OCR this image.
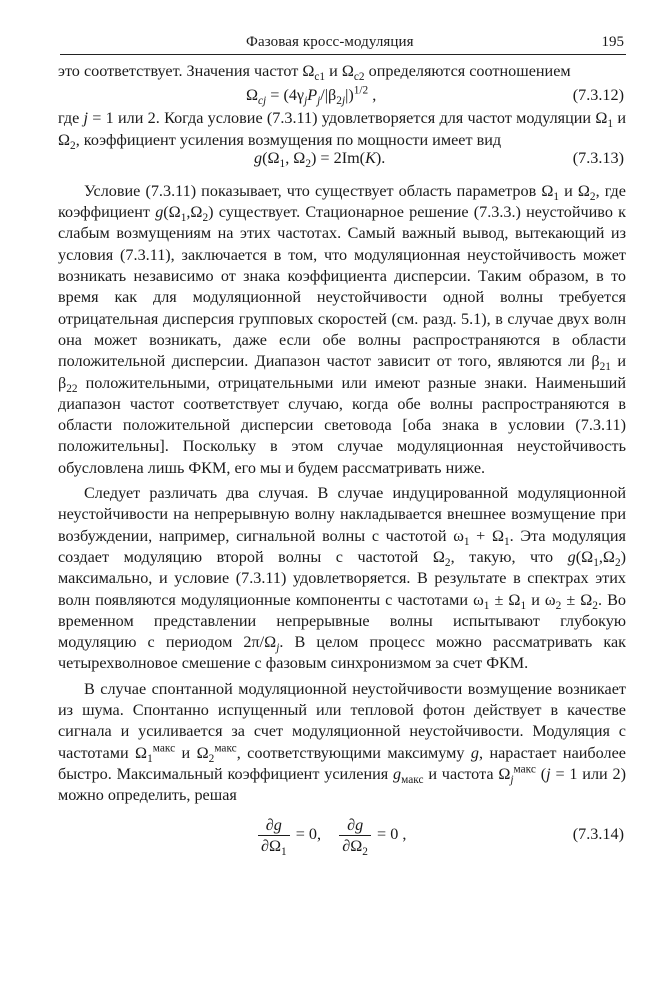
Фазовая кросс-модуляция	195

это соответствует. Значения частот $\Omega_{c1}$ и $\Omega_{c2}$ определяются соотношением

$\Omega_{cj} = (4\gamma_jP_j/|\beta_{2j}|)^{1/2}$ ,	(7.3.12)

где j = 1 или 2. Когда условие (7.3.11) удовлетворяется для частот модуляции $\Omega_1$ и $\Omega_2$, коэффициент усиления возмущения по мощности имеет вид

$g(\Omega_1$, $\Omega_2) = 2Im(K)$.	(7.3.13)

Условие (7.3.11) показывает, что существует область параметров $\Omega_1$ и $\Omega_2$, где коэффициент $g(\Omega_1,\Omega_2)$ существует. Стационарное решение (7.3.3.) неустойчиво к слабым возмущениям на этих частотах. Самый важный вывод, вытекающий из условия (7.3.11), заключается в том, что модуляционная неустойчивость может возникать независимо от знака коэффициента дисперсии. Таким образом, в то время как для модуляционной неустойчивости одной волны требуется отрицательная дисперсия групповых скоростей (см. разд. 5.1), в случае двух волн она может возникать, даже если обе волны распространяются в области положительной дисперсии. Диапазон частот зависит от того, являются ли $\beta_{21}$ и $\beta_{22}$ положительными, отрицательными или имеют разные знаки. Наименьший диапазон частот соответствует случаю, когда обе волны распространяются в области положительной дисперсии световода [оба знака в условии (7.3.11) положительны]. Поскольку в этом случае модуляционная неустойчивость обусловлена лишь ФКМ, его мы и будем рассматривать ниже.

Следует различать два случая. В случае индуцированной модуляционной неустойчивости на непрерывную волну накладывается внешнее возмущение при возбуждении, например, сигнальной волны с частотой $\omega_1 + \Omega_1$. Эта модуляция создает модуляцию второй волны с частотой $\Omega_2$, такую, что $g(\Omega_1,\Omega_2)$ максимально, и условие (7.3.11) удовлетворяется. В результате в спектрах этих волн появляются модуляционные компоненты с частотами $\omega_1 \pm \Omega_1$ и $\omega_2 \pm \Omega_2$. Во временном представлении непрерывные волны испытывают глубокую модуляцию с периодом $2\pi/\Omega_j$. В целом процесс можно рассматривать как четырехволновое смешение с фазовым синхронизмом за счет ФКМ.

В случае спонтанной модуляционной неустойчивости возмущение возникает из шума. Спонтанно испущенный или тепловой фотон действует в качестве сигнала и усиливается за счет модуляционной неустойчивости. Модуляция с частотами $\Omega_1^{макс}$ и $\Omega_2^{макс}$, соответствующими максимуму g, нарастает наиболее быстро. Максимальный коэффициент усиления $g_{макс}$ и частота $\Omega_j^{макс}$ (j = 1 или 2) можно определить, решая

$\frac{\partial g}{\partial\Omega_1} = 0$, $\frac{\partial g}{\partial\Omega_2} = 0$ ,	(7.3.14)
